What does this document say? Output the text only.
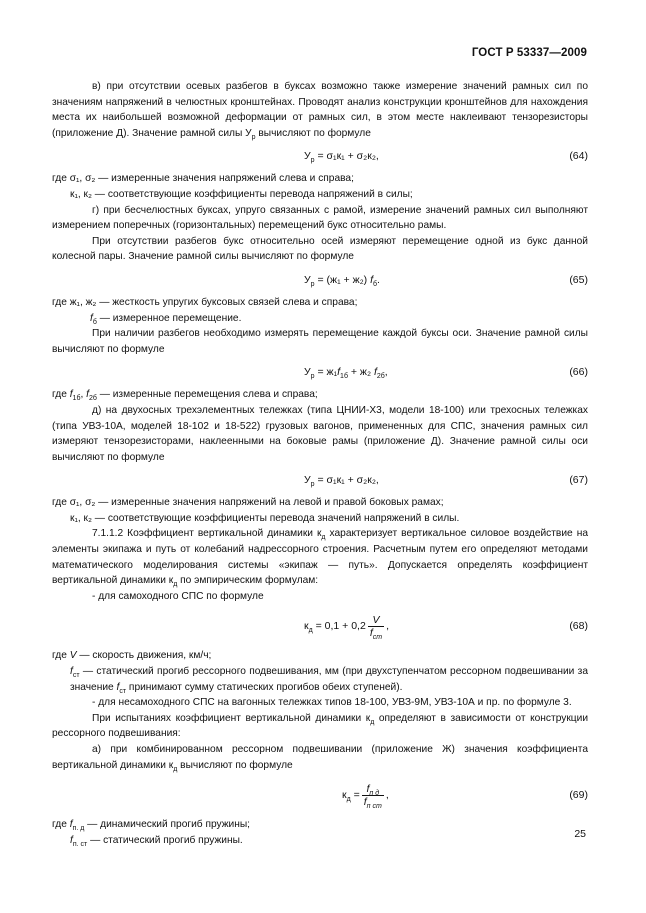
ГОСТ Р 53337—2009

в) при отсутствии осевых разбегов в буксах возможно также измерение значений рамных сил по значениям напряжений в челюстных кронштейнах. Проводят анализ конструкции кронштейнов для нахождения места их наибольшей возможной деформации от рамных сил, в этом месте наклеивают тензорезисторы (приложение Д). Значение рамной силы $У_р$ вычисляют по формуле

$У_р = \sigma_1к_1 + \sigma_2к_2$,	(64)

где σ₁, σ₂ — измеренные значения напряжений слева и справа;

к₁, к₂ — соответствующие коэффициенты перевода напряжений в силы;

г) при бесчелюстных буксах, упруго связанных с рамой, измерение значений рамных сил выполняют измерением поперечных (горизонтальных) перемещений букс относительно рамы.

При отсутствии разбегов букс относительно осей измеряют перемещение одной из букс данной колесной пары. Значение рамной силы вычисляют по формуле

$У_р = (ж_1 + ж_2)$ $f_б$.	(65)

где ж₁, ж₂ — жесткость упругих буксовых связей слева и справа;

$f_б$ — измеренное перемещение.

При наличии разбегов необходимо измерять перемещение каждой буксы оси. Значение рамной силы вычисляют по формуле

$У_р = ж_1f_{1б} + ж_2$ $f_{2б}$,	(66)

где $f_{1б}$, $f_{2б}$ — измеренные перемещения слева и справа;

д) на двухосных трехэлементных тележках (типа ЦНИИ-Х3, модели 18-100) или трехосных тележках (типа УВЗ-10А, моделей 18-102 и 18-522) грузовых вагонов, примененных для СПС, значения рамных сил измеряют тензорезисторами, наклеенными на боковые рамы (приложение Д). Значение рамной силы оси вычисляют по формуле

$У_р = \sigma_1к_1 + \sigma_2к_2$,	(67)

где σ₁, σ₂ — измеренные значения напряжений на левой и правой боковых рамах;

к₁, к₂ — соответствующие коэффициенты перевода значений напряжений в силы.

7.1.1.2 Коэффициент вертикальной динамики $к_д$ характеризует вертикальное силовое воздействие на элементы экипажа и путь от колебаний надрессорного строения. Расчетным путем его определяют методами математического моделирования системы «экипаж — путь». Допускается определять коэффициент вертикальной динамики $к_д$ по эмпирическим формулам:

- для самоходного СПС по формуле

$к_д = 0,1 + 0,2 \frac{V}{f_{ст}}$ ,	(68)

где V — скорость движения, км/ч;

$f_{ст}$ — статический прогиб рессорного подвешивания, мм (при двухступенчатом рессорном подвешивании за значение $f_{ст}$ принимают сумму статических прогибов обеих ступеней).

- для несамоходного СПС на вагонных тележках типов 18-100, УВЗ-9М, УВЗ-10А и пр. по формуле 3.

При испытаниях коэффициент вертикальной динамики $к_д$ определяют в зависимости от конструкции рессорного подвешивания:

а) при комбинированном рессорном подвешивании (приложение Ж) значения коэффициента вертикальной динамики $к_д$ вычисляют по формуле

$к_д = \frac{f_{п д}}{f_{п ст}}$ ,	(69)

где $f_{п. д}$ — динамический прогиб пружины;

$f_{п. ст}$ — статический прогиб пружины.

25
